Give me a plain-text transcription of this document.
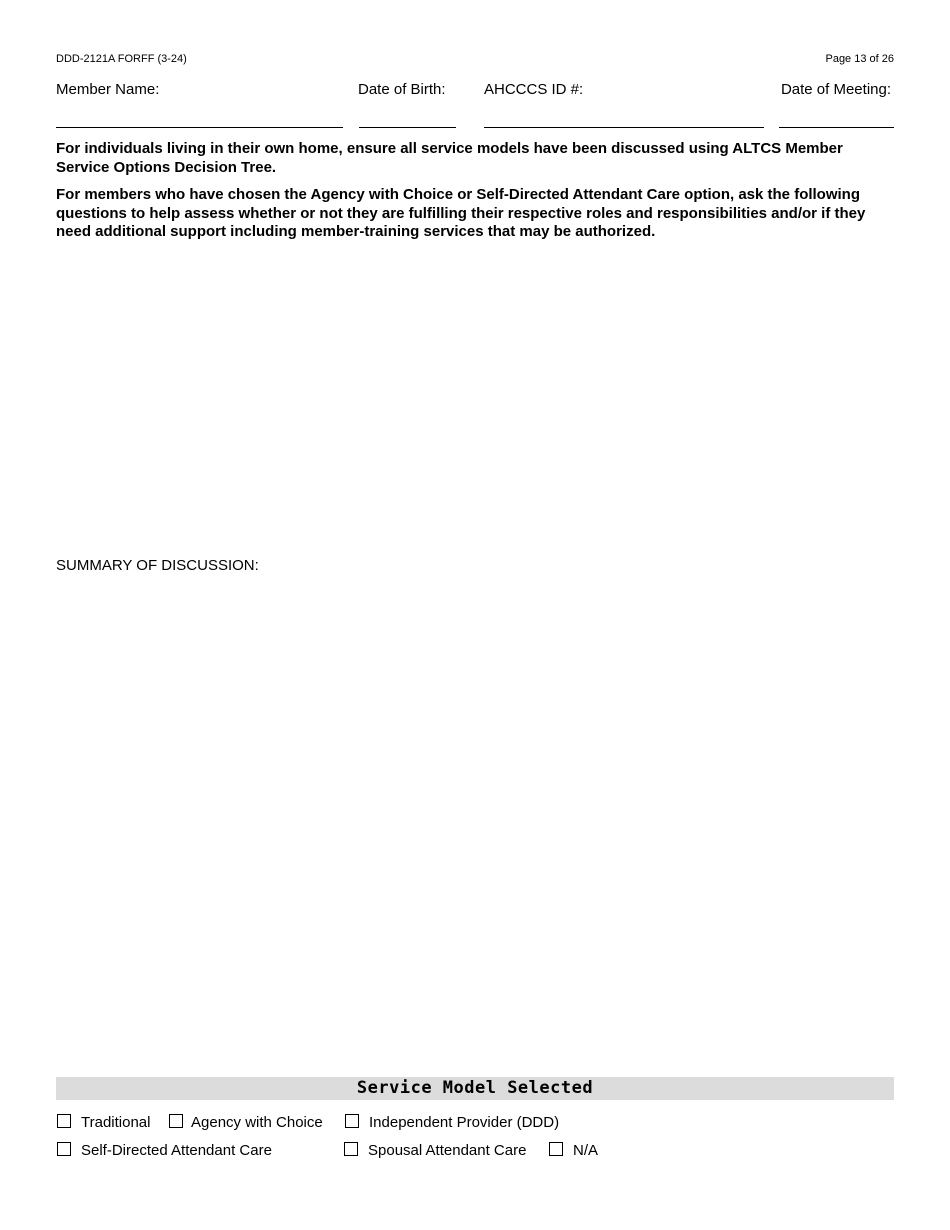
DDD-2121A FORFF (3-24)	Page 13 of 26
Member Name:	Date of Birth:	AHCCCS ID #:	Date of Meeting:
For individuals living in their own home, ensure all service models have been discussed using ALTCS Member Service Options Decision Tree.
For members who have chosen the Agency with Choice or Self-Directed Attendant Care option, ask the following questions to help assess whether or not they are fulfilling their respective roles and responsibilities and/or if they need additional support including member-training services that may be authorized.
SUMMARY OF DISCUSSION:
Service Model Selected
Traditional	Agency with Choice	Independent Provider (DDD)
Self-Directed Attendant Care	Spousal Attendant Care	N/A
